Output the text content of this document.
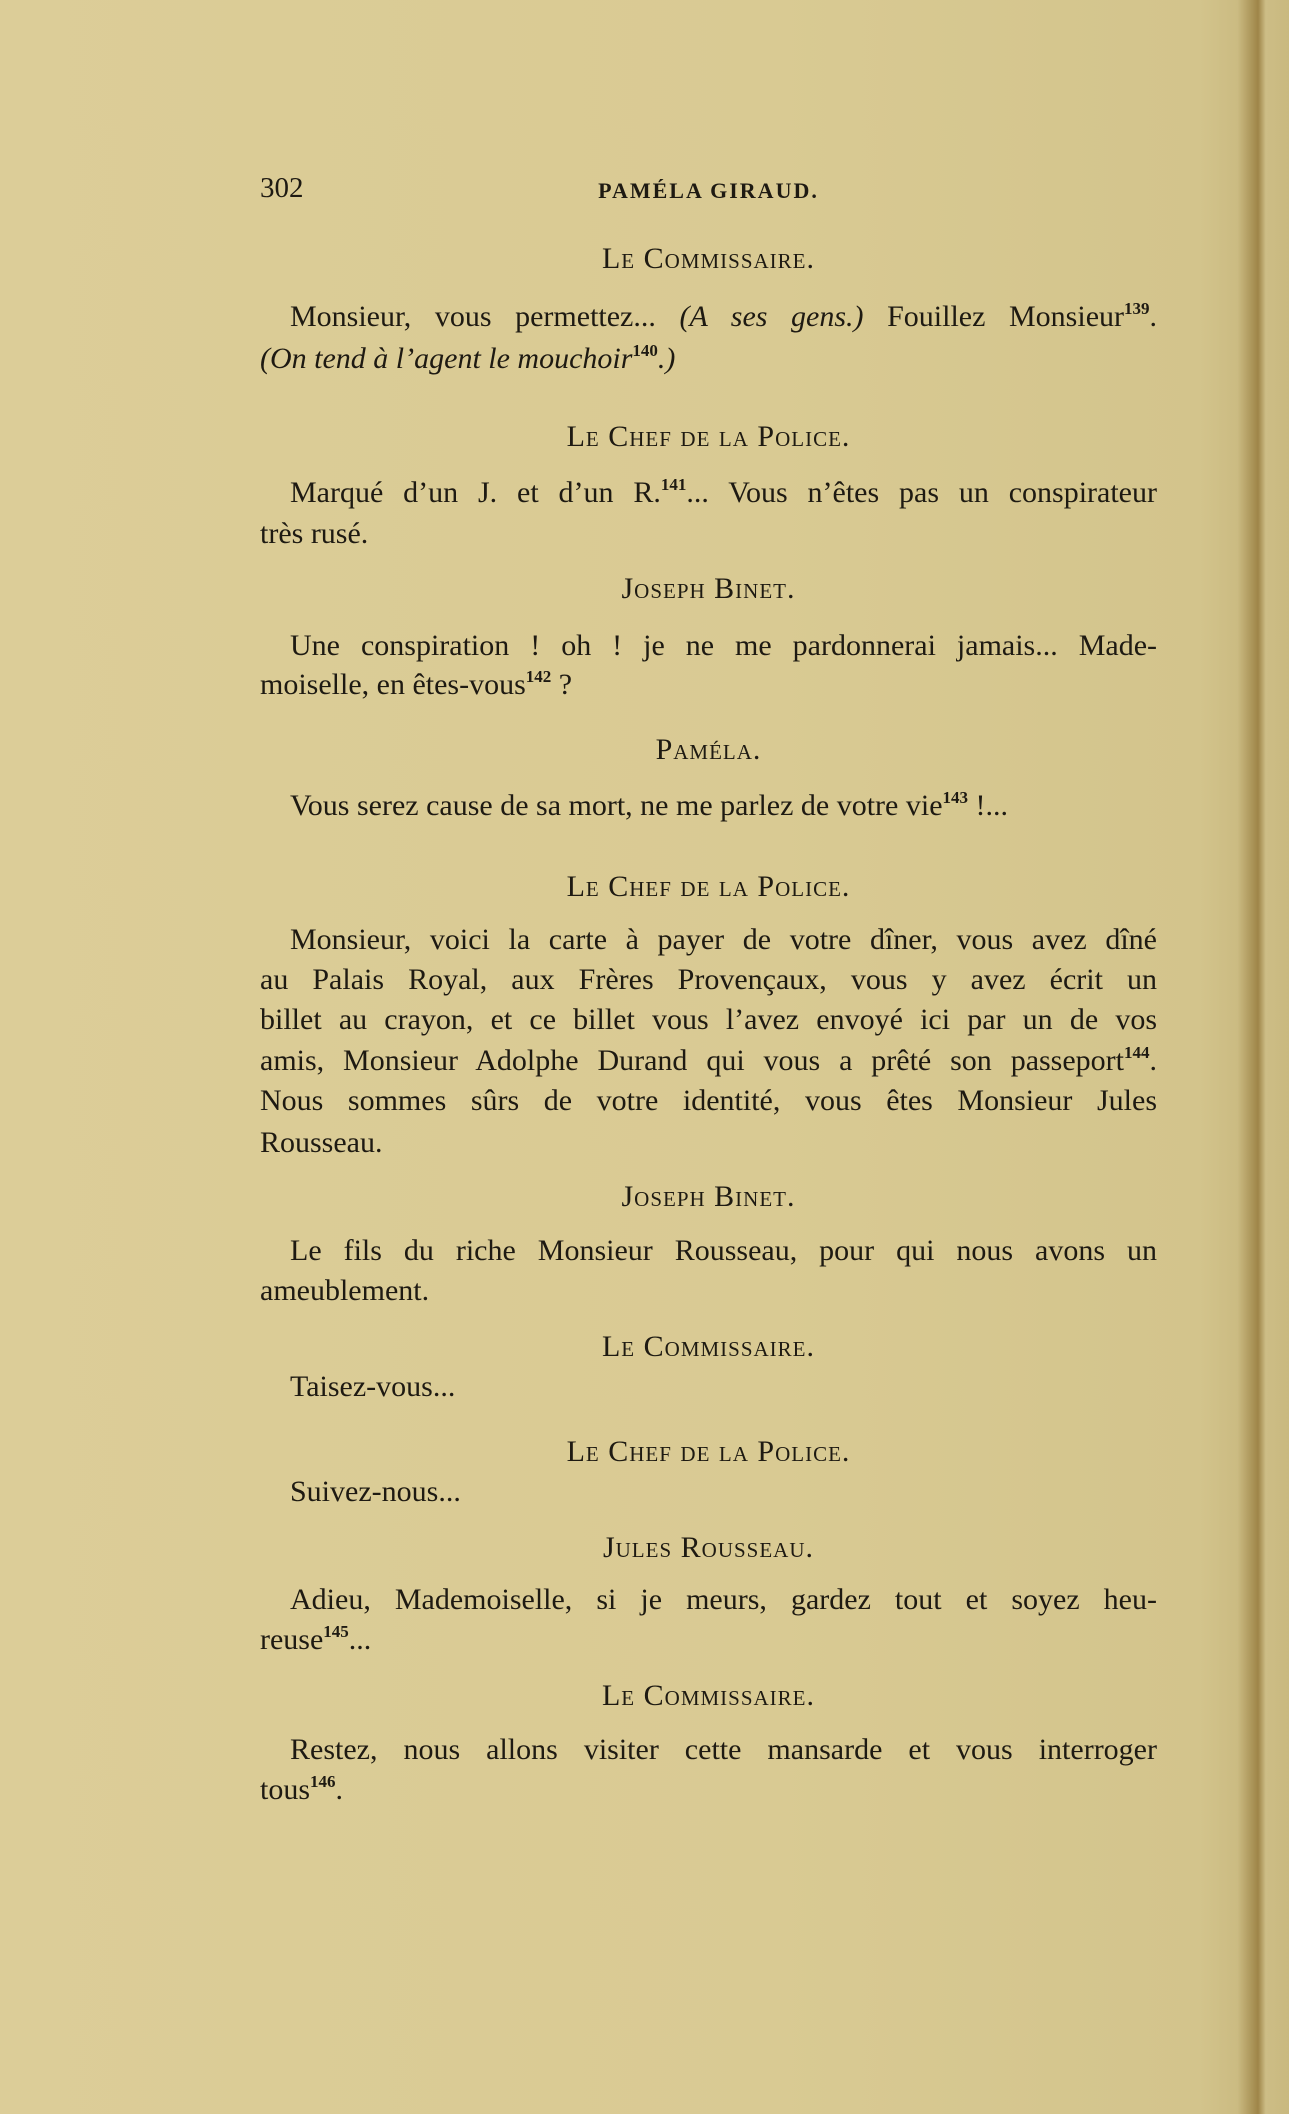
302	PAMÉLA GIRAUD.
Le Commissaire.
Monsieur, vous permettez... (A ses gens.) Fouillez Monsieur$^{139}$.
(On tend à l’agent le mouchoir$^{140}$.)
Le Chef de la Police.
Marqué d’un J. et d’un R.$^{141}$... Vous n’êtes pas un conspirateur
très rusé.
Joseph Binet.
Une conspiration ! oh ! je ne me pardonnerai jamais... Made-
moiselle, en êtes-vous$^{142}$ ?
Paméla.
Vous serez cause de sa mort, ne me parlez de votre vie$^{143}$ !...
Le Chef de la Police.
Monsieur, voici la carte à payer de votre dîner, vous avez dîné
au Palais Royal, aux Frères Provençaux, vous y avez écrit un
billet au crayon, et ce billet vous l’avez envoyé ici par un de vos
amis, Monsieur Adolphe Durand qui vous a prêté son passeport$^{144}$.
Nous sommes sûrs de votre identité, vous êtes Monsieur Jules
Rousseau.
Joseph Binet.
Le fils du riche Monsieur Rousseau, pour qui nous avons un
ameublement.
Le Commissaire.
Taisez-vous...
Le Chef de la Police.
Suivez-nous...
Jules Rousseau.
Adieu, Mademoiselle, si je meurs, gardez tout et soyez heu-
reuse$^{145}$...
Le Commissaire.
Restez, nous allons visiter cette mansarde et vous interroger
tous$^{146}$.
